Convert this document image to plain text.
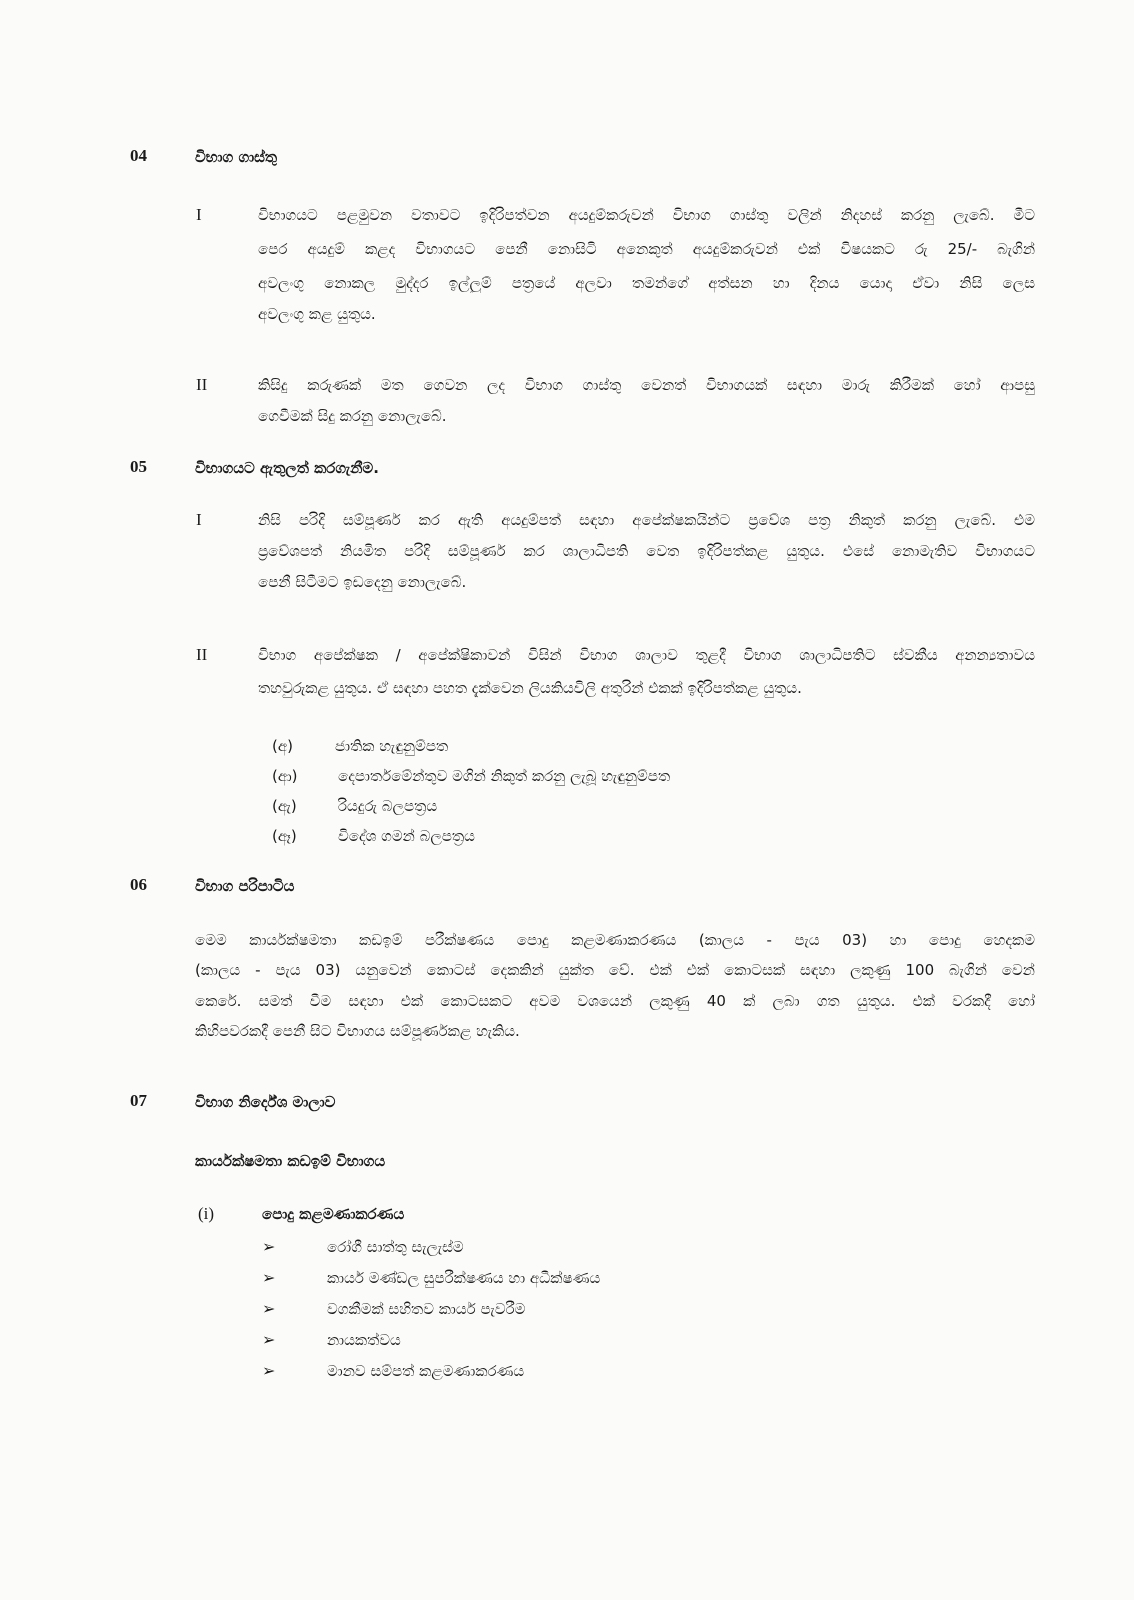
04	විභාග ගාස්තු
I	විභාගයට පළමුවන වතාවට ඉදිරිපත්වන අයදුම්කරුවන් විභාග ගාස්තු වලින් නිදහස් කරනු ලැබේ. මීට
පෙර අයදුම් කළද විභාගයට පෙනී නොසිටි අනෙකුත් අයදුම්කරුවන් එක් විෂයකට රු 25/- බැගින්
අවලංගු නොකල මුද්දර ඉල්ලුම් පත්‍රයේ අලවා තමන්ගේ අත්සන හා දිනය යොදා ඒවා නිසි ලෙස
අවලංගු කළ යුතුය.
II	කිසිදු කරුණක් මත ගෙවන ලද විභාග ගාස්තු වෙනත් විභාගයක් සඳහා මාරු කිරීමක් හෝ ආපසු
ගෙවීමක් සිදු කරනු නොලැබේ.
05	විභාගයට ඇතුලත් කරගැනීම.
I	නිසි පරිදි සම්පූර්ණ කර ඇති අයදුම්පත් සඳහා අපේක්ෂකයින්ට ප්‍රවේශ පත්‍ර නිකුත් කරනු ලැබේ. එම
ප්‍රවේශපත් නියමිත පරිදි සම්පූර්ණ කර ශාලාධිපති වෙත ඉදිරිපත්කළ යුතුය. එසේ නොමැතිව විභාගයට
පෙනී සිටීමට ඉඩදෙනු නොලැබේ.
II	විභාග අපේක්ෂක / අපේක්ෂිකාවන් විසින් විභාග ශාලාව තුළදී විභාග ශාලාධිපතිට ස්වකීය අනන්‍යතාවය
තහවුරුකළ යුතුය. ඒ සඳහා පහත දැක්වෙන ලියකියවිලි අතුරින් එකක් ඉදිරිපත්කළ යුතුය.
(අ)	ජාතික හැඳුනුම්පත
(ආ)	දෙපාර්තමේන්තුව මගින් නිකුත් කරනු ලැබූ හැඳුනුම්පත
(ඇ)	රියදුරු බලපත්‍රය
(ඈ)	විදේශ ගමන් බලපත්‍රය
06	විභාග පරිපාටිය
මෙම කාර්යක්ෂමතා කඩඉම් පරීක්ෂණය පොදු කළමණාකරණය (කාලය - පැය 03) හා පොදු හෙදකම
(කාලය - පැය 03) යනුවෙන් කොටස් දෙකකින් යුක්ත වේ. එක් එක් කොටසක් සඳහා ලකුණු 100 බැගින් වෙන්
කෙරේ. සමත් වීම සඳහා එක් කොටසකට අවම වශයෙන් ලකුණු 40 ක් ලබා ගත යුතුය. එක් වරකදී හෝ
කිහිපවරකදී පෙනී සිට විභාගය සම්පූර්ණකළ හැකිය.
07	විභාග නිර්දේශ මාලාව
කාර්යක්ෂමතා කඩඉම් විභාගය
(i)	පොදු කළමණාකරණය
➢	රෝගී සාත්තු සැලැස්ම
➢	කාර්ය මණ්ඩල සුපරීක්ෂණය හා අධීක්ෂණය
➢	වගකීමක් සහිතව කාර්ය පැවරීම
➢	නායකත්වය
➢	මානව සම්පත් කළමණාකරණය
